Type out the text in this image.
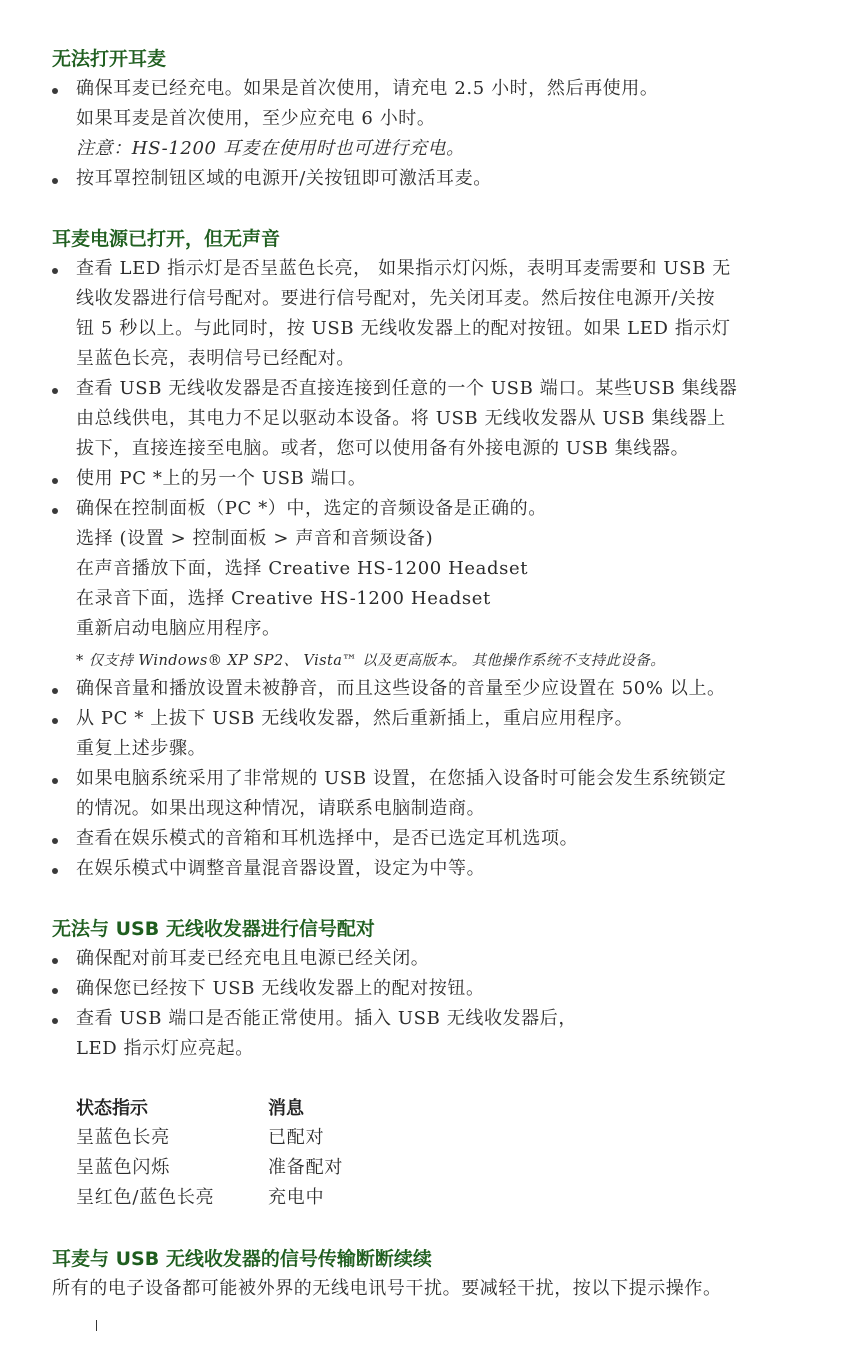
无法打开耳麦

确保耳麦已经充电。如果是首次使用，请充电 2.5 小时，然后再使用。

如果耳麦是首次使用，至少应充电 6 小时。

注意：HS-1200 耳麦在使用时也可进行充电。

按耳罩控制钮区域的电源开/关按钮即可激活耳麦。

耳麦电源已打开，但无声音

查看 LED 指示灯是否呈蓝色长亮， 如果指示灯闪烁，表明耳麦需要和 USB 无

线收发器进行信号配对。要进行信号配对，先关闭耳麦。然后按住电源开/关按

钮 5 秒以上。与此同时，按 USB 无线收发器上的配对按钮。如果 LED 指示灯

呈蓝色长亮，表明信号已经配对。

查看 USB 无线收发器是否直接连接到任意的一个 USB 端口。某些USB 集线器

由总线供电，其电力不足以驱动本设备。将 USB 无线收发器从 USB 集线器上

拔下，直接连接至电脑。或者，您可以使用备有外接电源的 USB 集线器。

使用 PC *上的另一个 USB 端口。

确保在控制面板（PC *）中，选定的音频设备是正确的。

选择 (设置 > 控制面板 > 声音和音频设备)

在声音播放下面，选择 Creative HS-1200 Headset

在录音下面，选择 Creative HS-1200 Headset

重新启动电脑应用程序。

* 仅支持 Windows® XP SP2、 Vista™ 以及更高版本。 其他操作系统不支持此设备。

确保音量和播放设置未被静音，而且这些设备的音量至少应设置在 50% 以上。

从 PC * 上拔下 USB 无线收发器，然后重新插上，重启应用程序。

重复上述步骤。

如果电脑系统采用了非常规的 USB 设置，在您插入设备时可能会发生系统锁定

的情况。如果出现这种情况，请联系电脑制造商。

查看在娱乐模式的音箱和耳机选择中，是否已选定耳机选项。

在娱乐模式中调整音量混音器设置，设定为中等。

无法与 USB 无线收发器进行信号配对

确保配对前耳麦已经充电且电源已经关闭。

确保您已经按下 USB 无线收发器上的配对按钮。

查看 USB 端口是否能正常使用。插入 USB 无线收发器后，

LED 指示灯应亮起。

状态指示	消息

呈蓝色长亮	已配对

呈蓝色闪烁	准备配对

呈红色/蓝色长亮	充电中

耳麦与 USB 无线收发器的信号传输断断续续

所有的电子设备都可能被外界的无线电讯号干扰。要减轻干扰，按以下提示操作。
